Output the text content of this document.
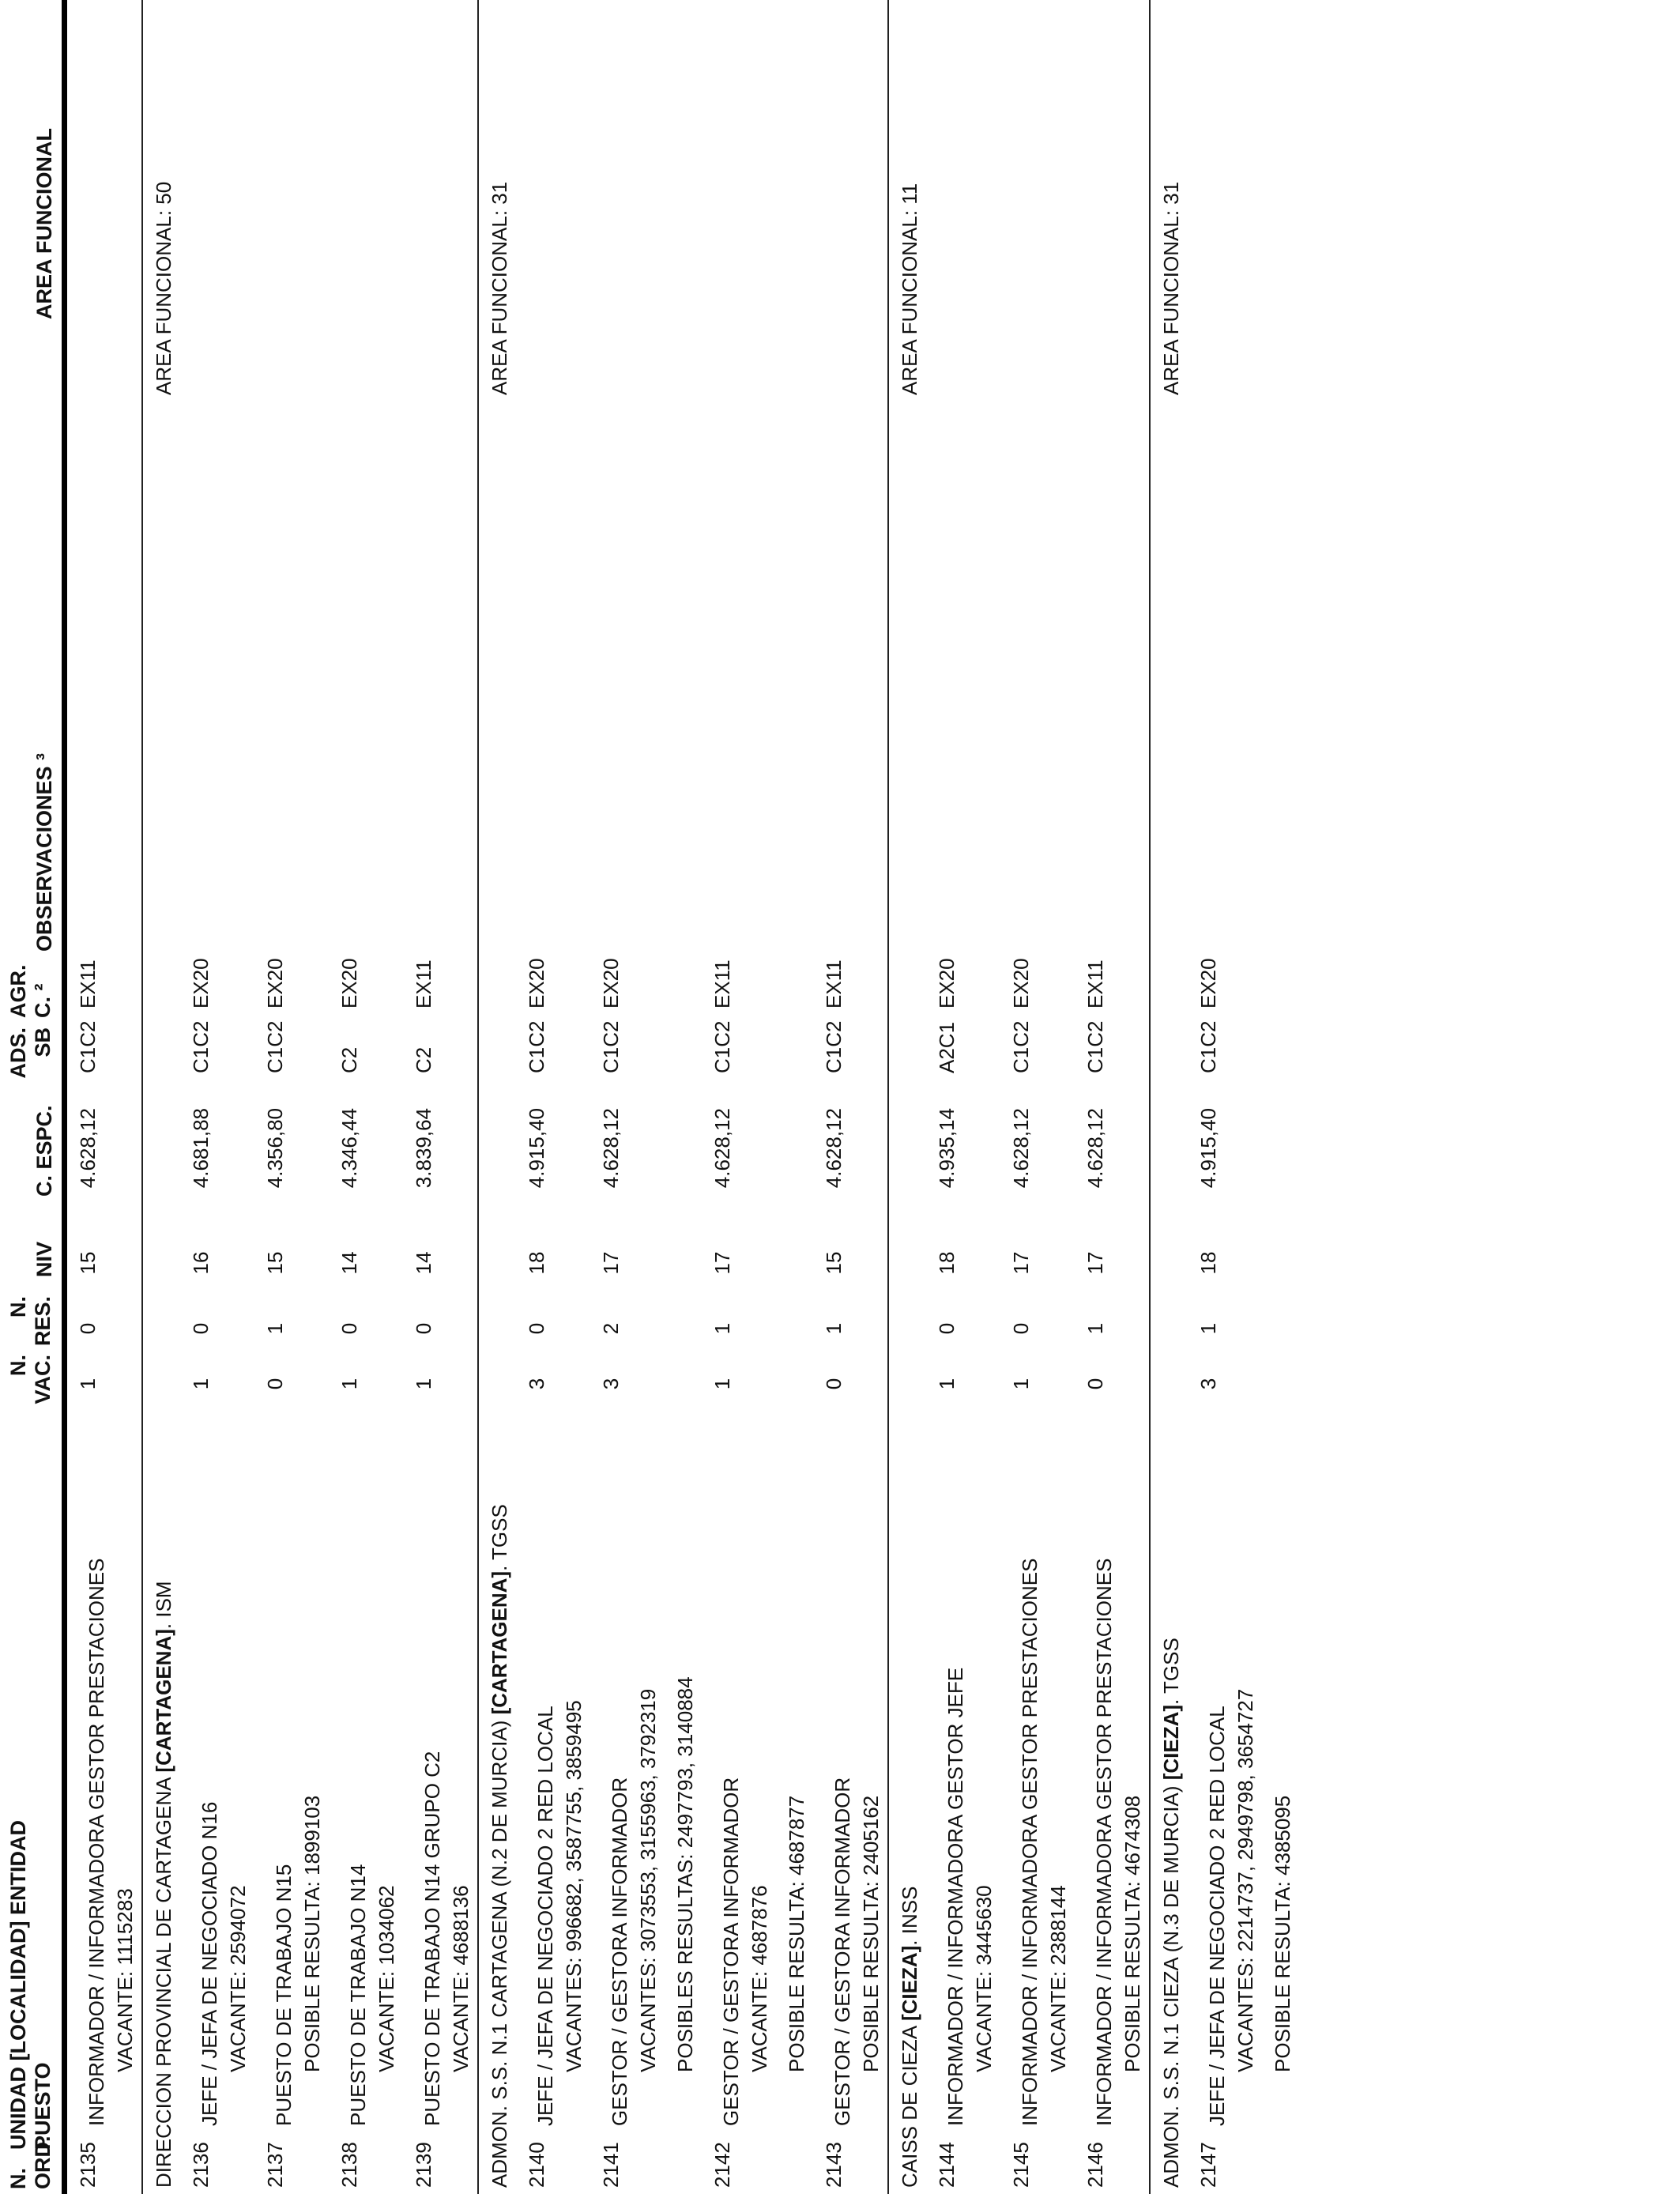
N. ORD.
UNIDAD [LOCALIDAD] ENTIDAD PUESTO
N. VAC.
N. RES.
NIV
C. ESPC.
ADS. SB
AGR. C. ²
OBSERVACIONES ³
AREA FUNCIONAL
2135
INFORMADOR / INFORMADORA GESTOR PRESTACIONES
1
0
15
4.628,12
C1C2
EX11
VACANTE: 1115283 DIRECCION PROVINCIAL DE CARTAGENA [CARTAGENA]. ISM
AREA FUNCIONAL: 50
2136
JEFE / JEFA DE NEGOCIADO N16
1
0
16
4.681,88
C1C2
EX20
VACANTE: 2594072
2137
PUESTO DE TRABAJO N15
0
1
15
4.356,80
C1C2
EX20
POSIBLE RESULTA: 1899103
2138
PUESTO DE TRABAJO N14
1
0
14
4.346,44
C2
EX20
VACANTE: 1034062
2139
PUESTO DE TRABAJO N14 GRUPO C2
1
0
14
3.839,64
C2
EX11
VACANTE: 4688136 ADMON. S.S. N.1 CARTAGENA (N.2 DE MURCIA) [CARTAGENA]. TGSS
AREA FUNCIONAL: 31
2140
JEFE / JEFA DE NEGOCIADO 2 RED LOCAL
3
0
18
4.915,40
C1C2
EX20
VACANTES: 996682, 3587755, 3859495
2141
GESTOR / GESTORA INFORMADOR
3
2
17
4.628,12
C1C2
EX20
VACANTES: 3073553, 3155963, 3792319 POSIBLES RESULTAS: 2497793, 3140884
2142
GESTOR / GESTORA INFORMADOR
1
1
17
4.628,12
C1C2
EX11
VACANTE: 4687876 POSIBLE RESULTA: 4687877
2143
GESTOR / GESTORA INFORMADOR
0
1
15
4.628,12
C1C2
EX11
POSIBLE RESULTA: 2405162
CAISS DE CIEZA [CIEZA]. INSS
AREA FUNCIONAL: 11
2144
INFORMADOR / INFORMADORA GESTOR JEFE
1
0
18
4.935,14
A2C1
EX20
VACANTE: 3445630
2145
INFORMADOR / INFORMADORA GESTOR PRESTACIONES
1
0
17
4.628,12
C1C2
EX20
VACANTE: 2388144
2146
INFORMADOR / INFORMADORA GESTOR PRESTACIONES
0
1
17
4.628,12
C1C2
EX11
POSIBLE RESULTA: 4674308 ADMON. S.S. N.1 CIEZA (N.3 DE MURCIA) [CIEZA]. TGSS
AREA FUNCIONAL: 31
2147
JEFE / JEFA DE NEGOCIADO 2 RED LOCAL
3
1
18
4.915,40
C1C2
EX20
VACANTES: 2214737, 2949798, 3654727 POSIBLE RESULTA: 4385095
